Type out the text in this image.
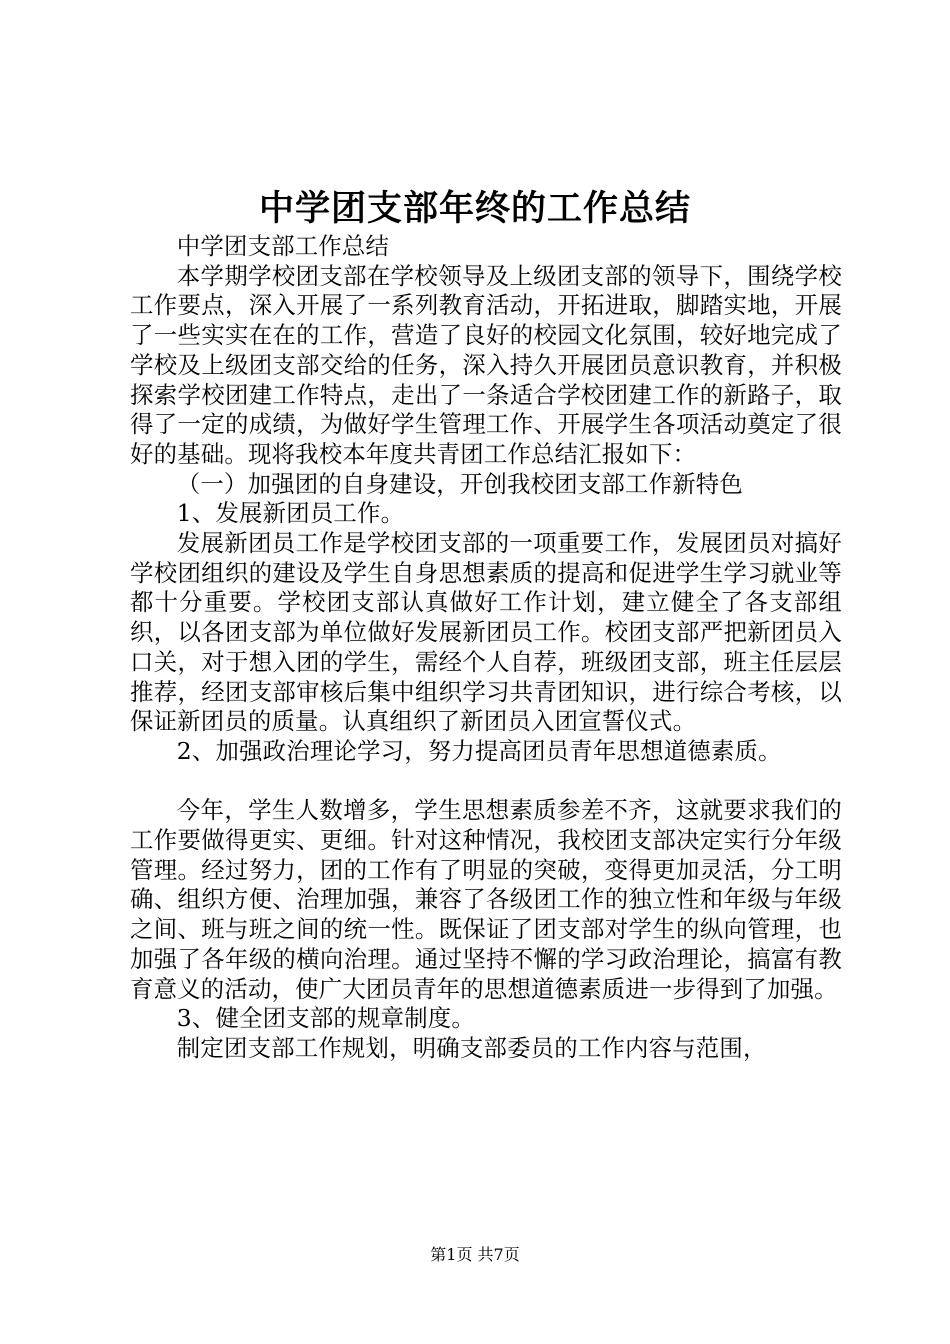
中学团支部年终的工作总结

中学团支部工作总结

本学期学校团支部在学校领导及上级团支部的领导下，围绕学校工作要点，深入开展了一系列教育活动，开拓进取，脚踏实地，开展了一些实实在在的工作，营造了良好的校园文化氛围，较好地完成了学校及上级团支部交给的任务，深入持久开展团员意识教育，并积极探索学校团建工作特点，走出了一条适合学校团建工作的新路子，取得了一定的成绩，为做好学生管理工作、开展学生各项活动奠定了很好的基础。现将我校本年度共青团工作总结汇报如下：

（一）加强团的自身建设，开创我校团支部工作新特色

1、发展新团员工作。

发展新团员工作是学校团支部的一项重要工作，发展团员对搞好学校团组织的建设及学生自身思想素质的提高和促进学生学习就业等都十分重要。学校团支部认真做好工作计划，建立健全了各支部组织，以各团支部为单位做好发展新团员工作。校团支部严把新团员入口关，对于想入团的学生，需经个人自荐，班级团支部，班主任层层推荐，经团支部审核后集中组织学习共青团知识，进行综合考核，以保证新团员的质量。认真组织了新团员入团宣誓仪式。

2、加强政治理论学习，努力提高团员青年思想道德素质。

今年，学生人数增多，学生思想素质参差不齐，这就要求我们的工作要做得更实、更细。针对这种情况，我校团支部决定实行分年级管理。经过努力，团的工作有了明显的突破，变得更加灵活，分工明确、组织方便、治理加强，兼容了各级团工作的独立性和年级与年级之间、班与班之间的统一性。既保证了团支部对学生的纵向管理，也加强了各年级的横向治理。通过坚持不懈的学习政治理论，搞富有教育意义的活动，使广大团员青年的思想道德素质进一步得到了加强。

3、健全团支部的规章制度。

制定团支部工作规划，明确支部委员的工作内容与范围，

第1页 共7页
